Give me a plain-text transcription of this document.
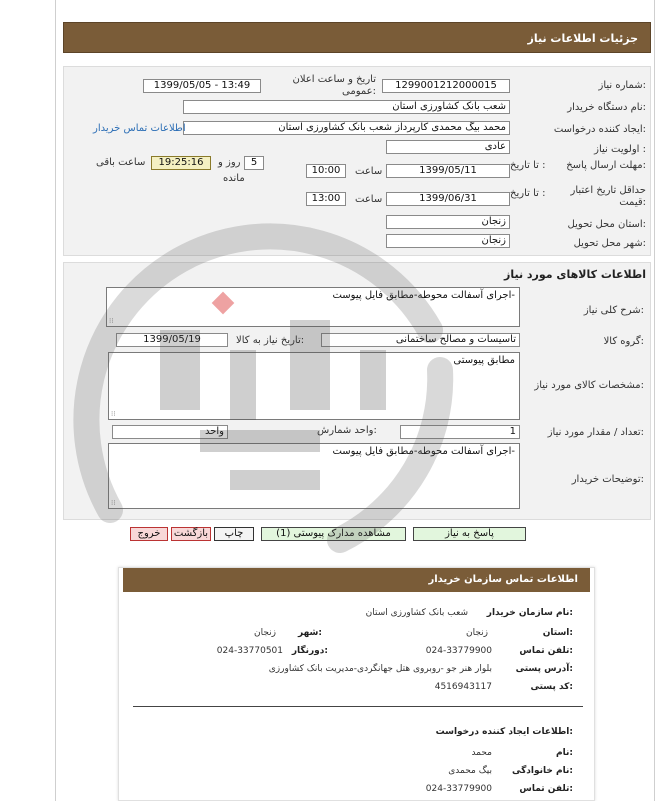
جزئیات اطلاعات نیاز
شماره نیاز:
1299001212000015
تاریخ و ساعت اعلان عمومی:
1399/05/05 - 13:49
نام دستگاه خریدار:
شعب بانک کشاورزی استان
ایجاد کننده درخواست:
محمد بیگ محمدی کارپرداز شعب بانک کشاورزی استان
اطلاعات تماس خریدار
اولویت نیاز :
عادی
مهلت ارسال پاسخ:
تا تاریخ :
1399/05/11
ساعت
10:00
5
روز و
مانده
19:25:16
ساعت باقی
حداقل تاریخ اعتبار قیمت:
تا تاریخ :
1399/06/31
ساعت
13:00
استان محل تحویل:
زنجان
شهر محل تحویل:
زنجان
اطلاعات کالاهای مورد نیاز
شرح کلی نیاز:
اجرای آسفالت محوطه-مطابق فایل پیوست-
⁞⁞
گروه کالا:
تاسیسات و مصالح ساختمانی
تاریخ نیاز به کالا:
1399/05/19
مشخصات کالای مورد نیاز:
مطابق پیوستی
⁞⁞
تعداد / مقدار مورد نیاز:
1
واحد شمارش:
واحد
توضیحات خریدار:
اجرای آسفالت محوطه-مطابق فایل پیوست-
⁞⁞
پاسخ به نیاز
مشاهده مدارک پیوستی (1)
چاپ
بازگشت
خروج
اطلاعات تماس سازمان خریدار
نام سازمان خریدار:
شعب بانک کشاورزی استان
استان:
زنجان
شهر:
زنجان
تلفن تماس:
024-33779900
دورنگار:
024-33770501
آدرس پستی:
بلوار هنر جو -روبروی هتل جهانگردی-مدیریت بانک کشاورزی
کد پستی:
4516943117
اطلاعات ایجاد کننده درخواست:
نام:
محمد
نام خانوادگی:
بیگ محمدی
تلفن تماس:
024-33779900
